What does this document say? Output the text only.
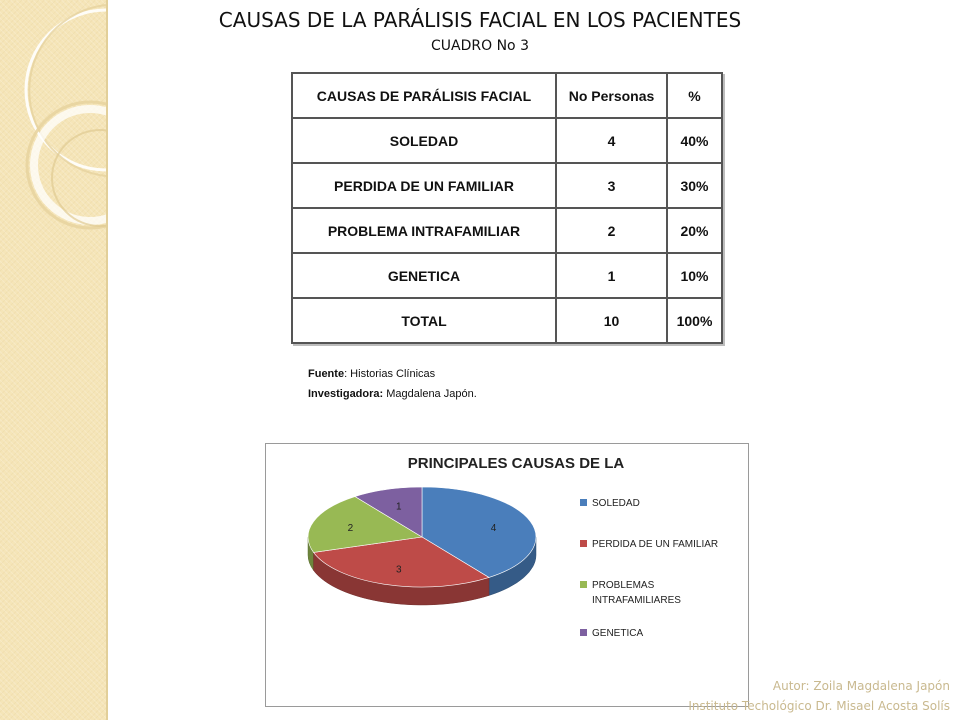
CAUSAS DE LA PARÁLISIS FACIAL EN LOS PACIENTES
CUADRO No 3
CAUSAS DE PARÁLISIS FACIAL	No Personas	%
SOLEDAD	4	40%
PERDIDA DE UN FAMILIAR	3	30%
PROBLEMA INTRAFAMILIAR	2	20%
GENETICA	1	10%
TOTAL	10	100%
Fuente: Historias Clínicas
Investigadora: Magdalena Japón.
PRINCIPALES CAUSAS DE LA
4
3
2
1	SOLEDAD
PERDIDA DE UN FAMILIAR
PROBLEMAS
INTRAFAMILIARES
GENETICA
Autor: Zoila Magdalena Japón
Instituto Techológico Dr. Misael Acosta Solís
